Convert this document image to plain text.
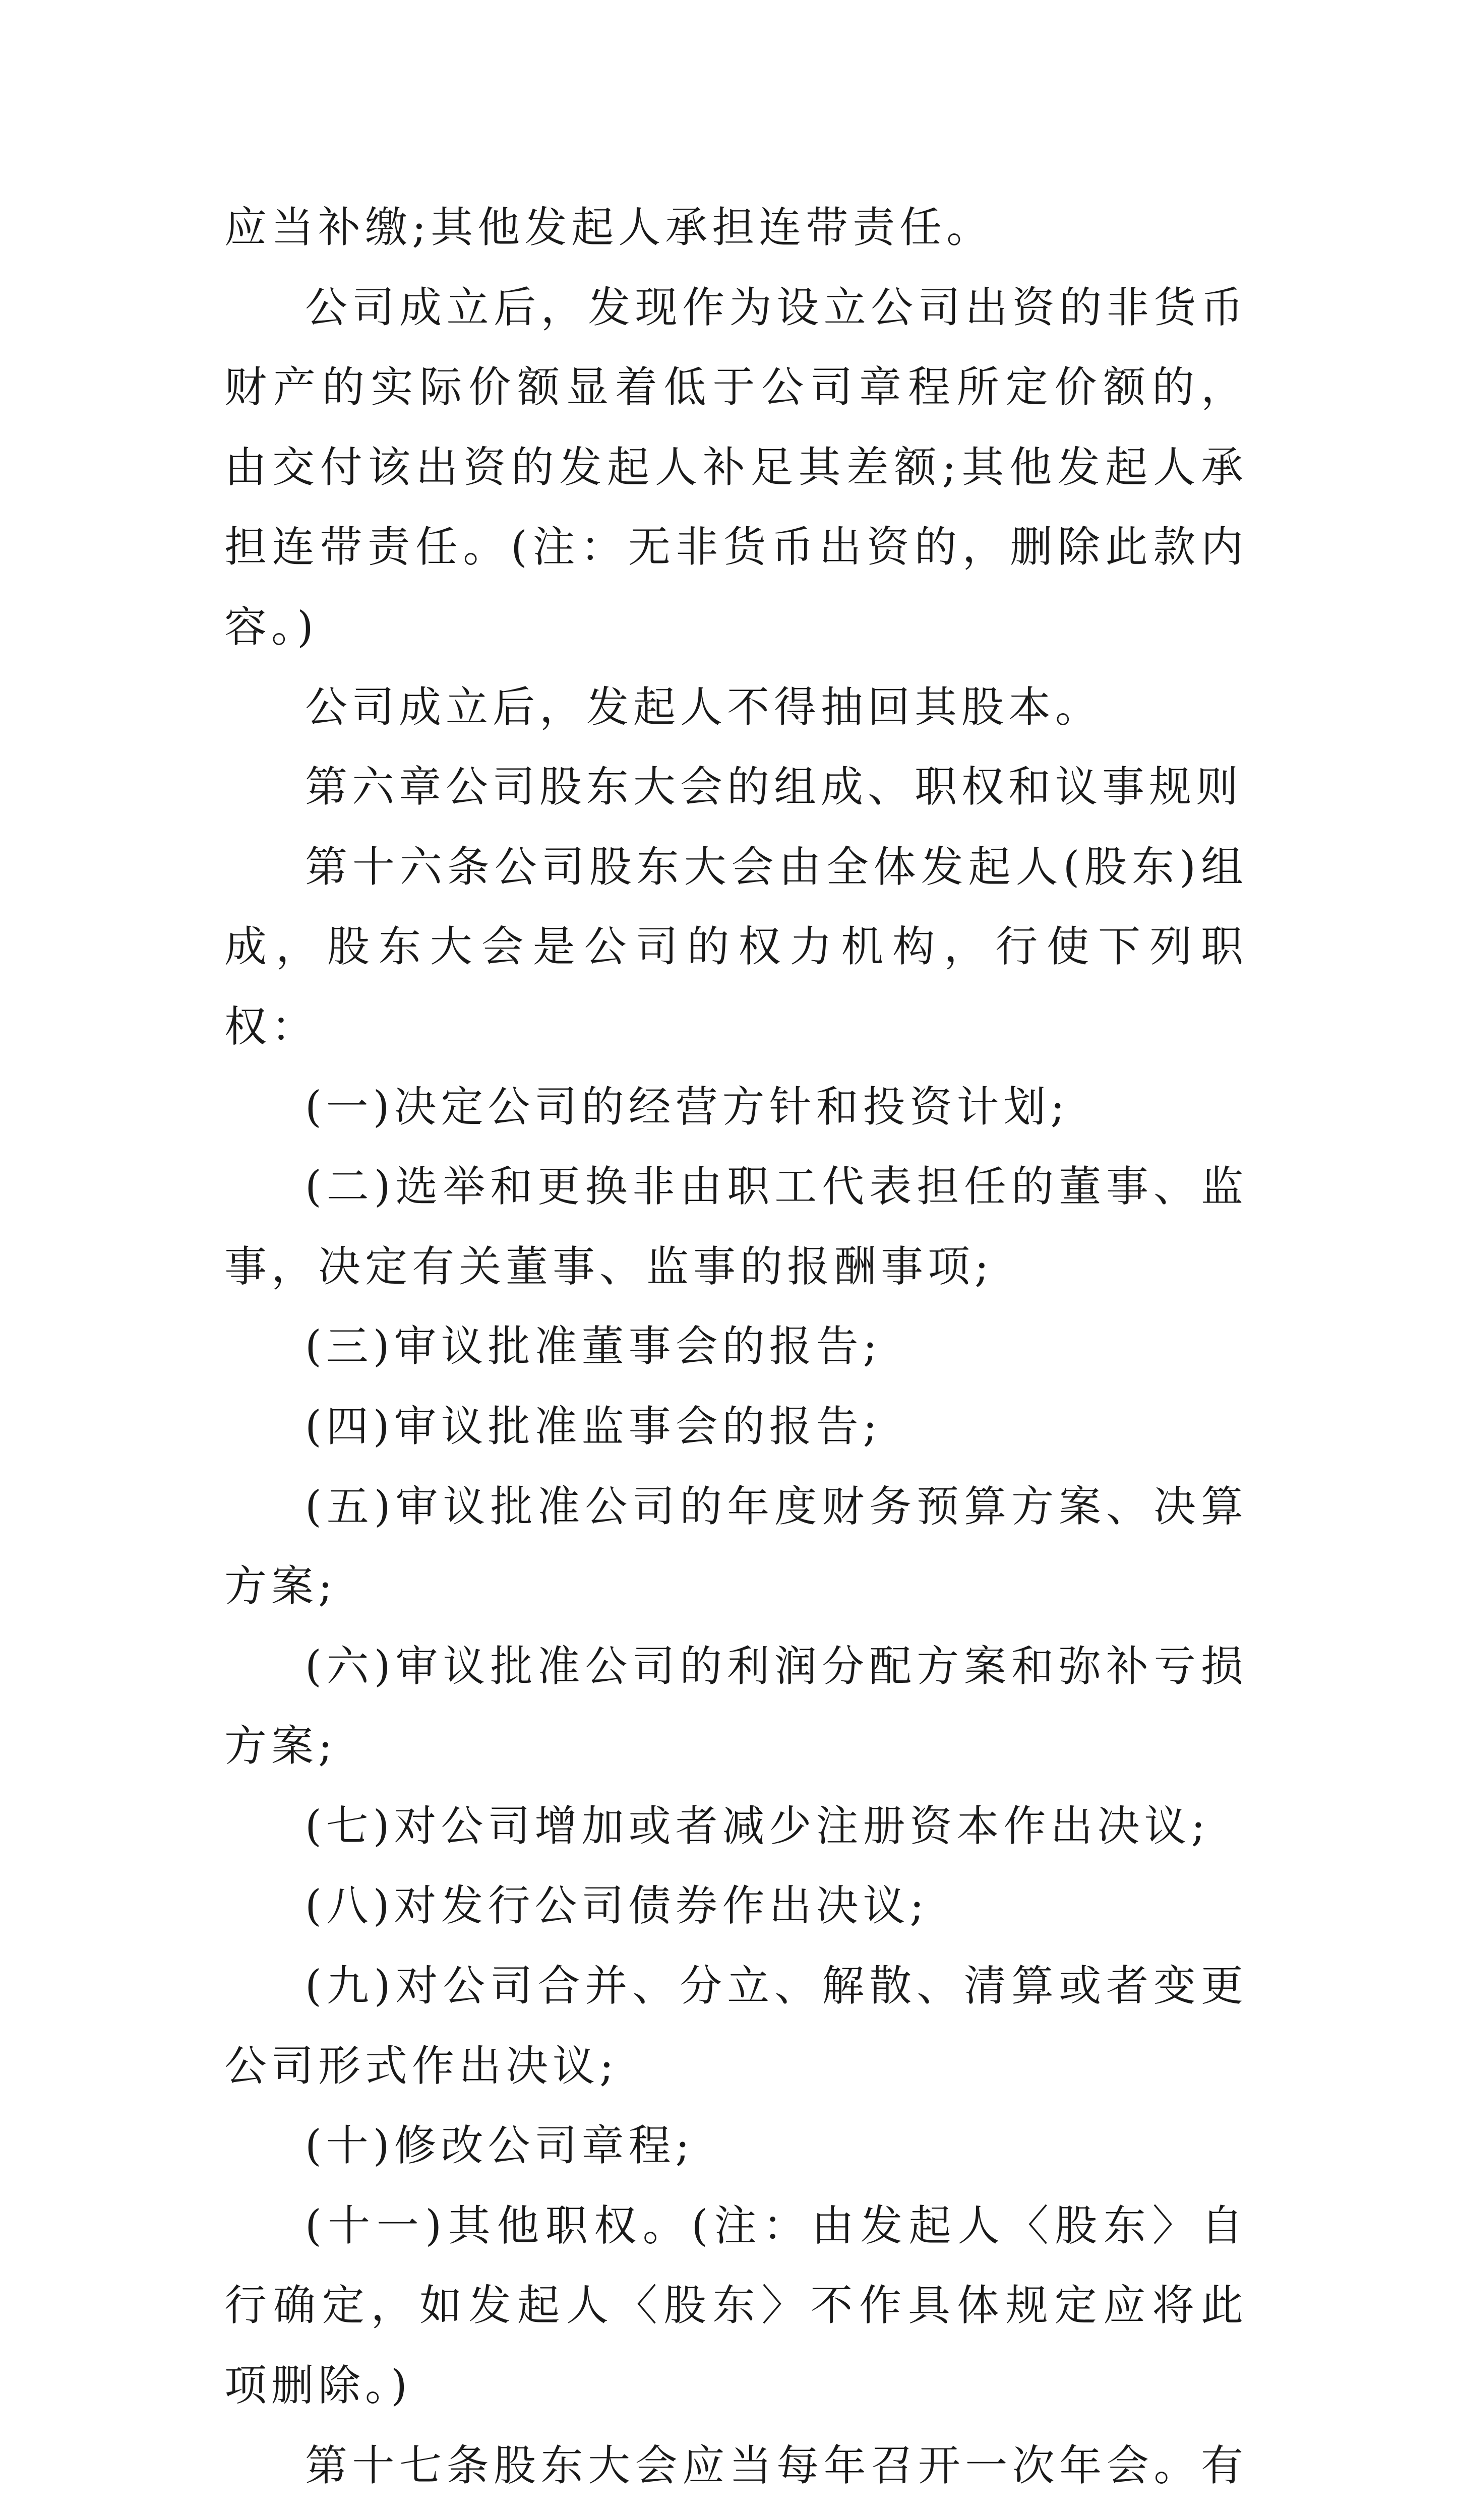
应当补缴;其他发起人承担连带责任。

公司成立后，发现作为设立公司出资的非货币财产的实际价额显着低于公司章程所定价额的，由交付该出资的发起人补足其差额;其他发起人承担连带责任。(注：无非货币出资的，删除此款内容。)

公司成立后，发起人不得抽回其股本。

第六章公司股东大会的组成、职权和议事规则

第十六条公司股东大会由全体发起人(股东)组成，股东大会是公司的权力机构，行使下列职权：

(一)决定公司的经营方针和投资计划;

(二)选举和更换非由职工代表担任的董事、监事，决定有关董事、监事的报酬事项;

(三)审议批准董事会的报告;

(四)审议批准监事会的报告;

(五)审议批准公司的年度财务预算方案、决算方案;

(六)审议批准公司的利润分配方案和弥补亏损方案;

(七)对公司增加或者减少注册资本作出决议;

(八)对发行公司债券作出决议;

(九)对公司合并、分立、解散、清算或者变更公司形式作出决议;

(十)修改公司章程;

(十一)其他职权。(注：由发起人〈股东〉自行确定，如发起人〈股东〉不作具体规定应将此项删除。)

第十七条股东大会应当每年召开一次年会。有
